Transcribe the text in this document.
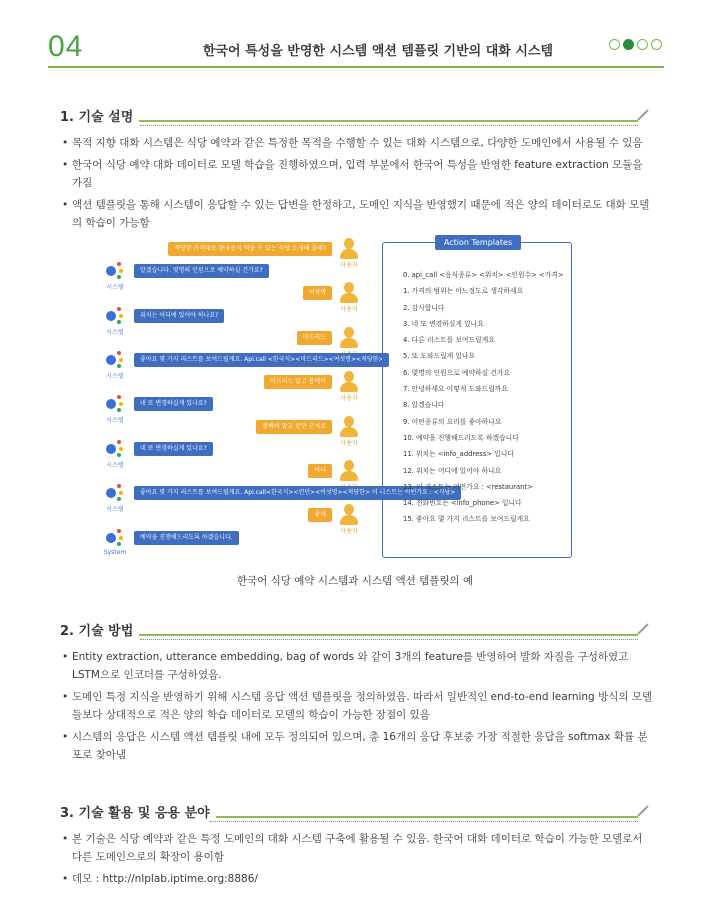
04	한국어 특성을 반영한 시스템 액션 템플릿 기반의 대화 시스템
1. 기술 설명
• 목적 지향 대화 시스템은 식당 예약과 같은 특정한 목적을 수행할 수 있는 대화 시스템으로, 다양한 도메인에서 사용될 수 있음
• 한국어 식당 예약 대화 데이터로 모델 학습을 진행하였으며, 입력 부분에서 한국어 특성을 반영한 feature extraction 모듈을 가짐
• 액션 템플릿을 통해 시스템이 응답할 수 있는 답변을 한정하고, 도메인 지식을 반영했기 때문에 적은 양의 데이터로도 대화 모델의 학습이 가능함
적당한 가격대로 한국음식 먹을 수 있는 식당 소개해 줄래?
사용자
시스템
알겠습니다. 몇명의 인원으로 예약하실 건가요?
여섯명
사용자
시스템
위치는 어디에 있어야 하나요?
마드리드
시스템
좋아요 몇 가지 리스트를 보여드릴게요. Api.call <한국식><마드리드><여섯명><적당한>
마드리드 말고 봄베이
사용자
시스템
네 또 변경하실게 있나요?
봄베이 말고 런던 근처로
사용자
시스템
네 또 변경하실게 있나요?
아니
시스템
좋아요 몇 가지 리스트를 보여드릴게요. Api.call<한국식><런던><여섯명><적당한> 이 리스트는 어떤가요 : <식당>
좋네
사용자
System
예약을 진행해드리도록 하겠습니다.
Action Templates
0. api_call <음식종류> <위치> <인원수> <가격>
1. 가격의 범위는 어느정도로 생각하세요
2. 감사합니다
3. 네 또 변경하실게 있나요
4. 다른 리스트를 보여드릴게요
5. 또 도와드릴게 있나요
6. 몇명의 인원으로 예약하실 건가요
7. 안녕하세요 어떻게 도와드릴까요
8. 알겠습니다
9. 어떤종류의 요리를 좋아하나요
10. 예약을 진행해드리도록 하겠습니다
11. 위치는 <info_address> 입니다
12. 위치는 어디에 있어야 하나요
13. 이 리스트는 어떤가요 : <restaurant>
14. 전화번호는 <info_phone> 입니다
15. 좋아요 몇 가지 리스트를 보여드릴게요
한국어 식당 예약 시스템과 시스템 액션 템플릿의 예
2. 기술 방법
• Entity extraction, utterance embedding, bag of words 와 같이 3개의 feature를 반영하여 발화 자질을 구성하였고 LSTM으로 인코더를 구성하였음.
• 도메인 특정 지식을 반영하기 위해 시스템 응답 액션 템플릿을 정의하였음. 따라서 일반적인 end-to-end learning 방식의 모델들보다 상대적으로 적은 양의 학습 데이터로 모델의 학습이 가능한 장점이 있음
• 시스템의 응답은 시스템 액션 템플릿 내에 모두 정의되어 있으며, 총 16개의 응답 후보중 가장 적절한 응답을 softmax 확률 분포로 찾아냄
3. 기술 활용 및 응용 분야
• 본 기술은 식당 예약과 같은 특정 도메인의 대화 시스템 구축에 활용될 수 있음. 한국어 대화 데이터로 학습이 가능한 모델로서 다른 도메인으로의 확장이 용이함
• 데모 : http://nlplab.iptime.org:8886/
